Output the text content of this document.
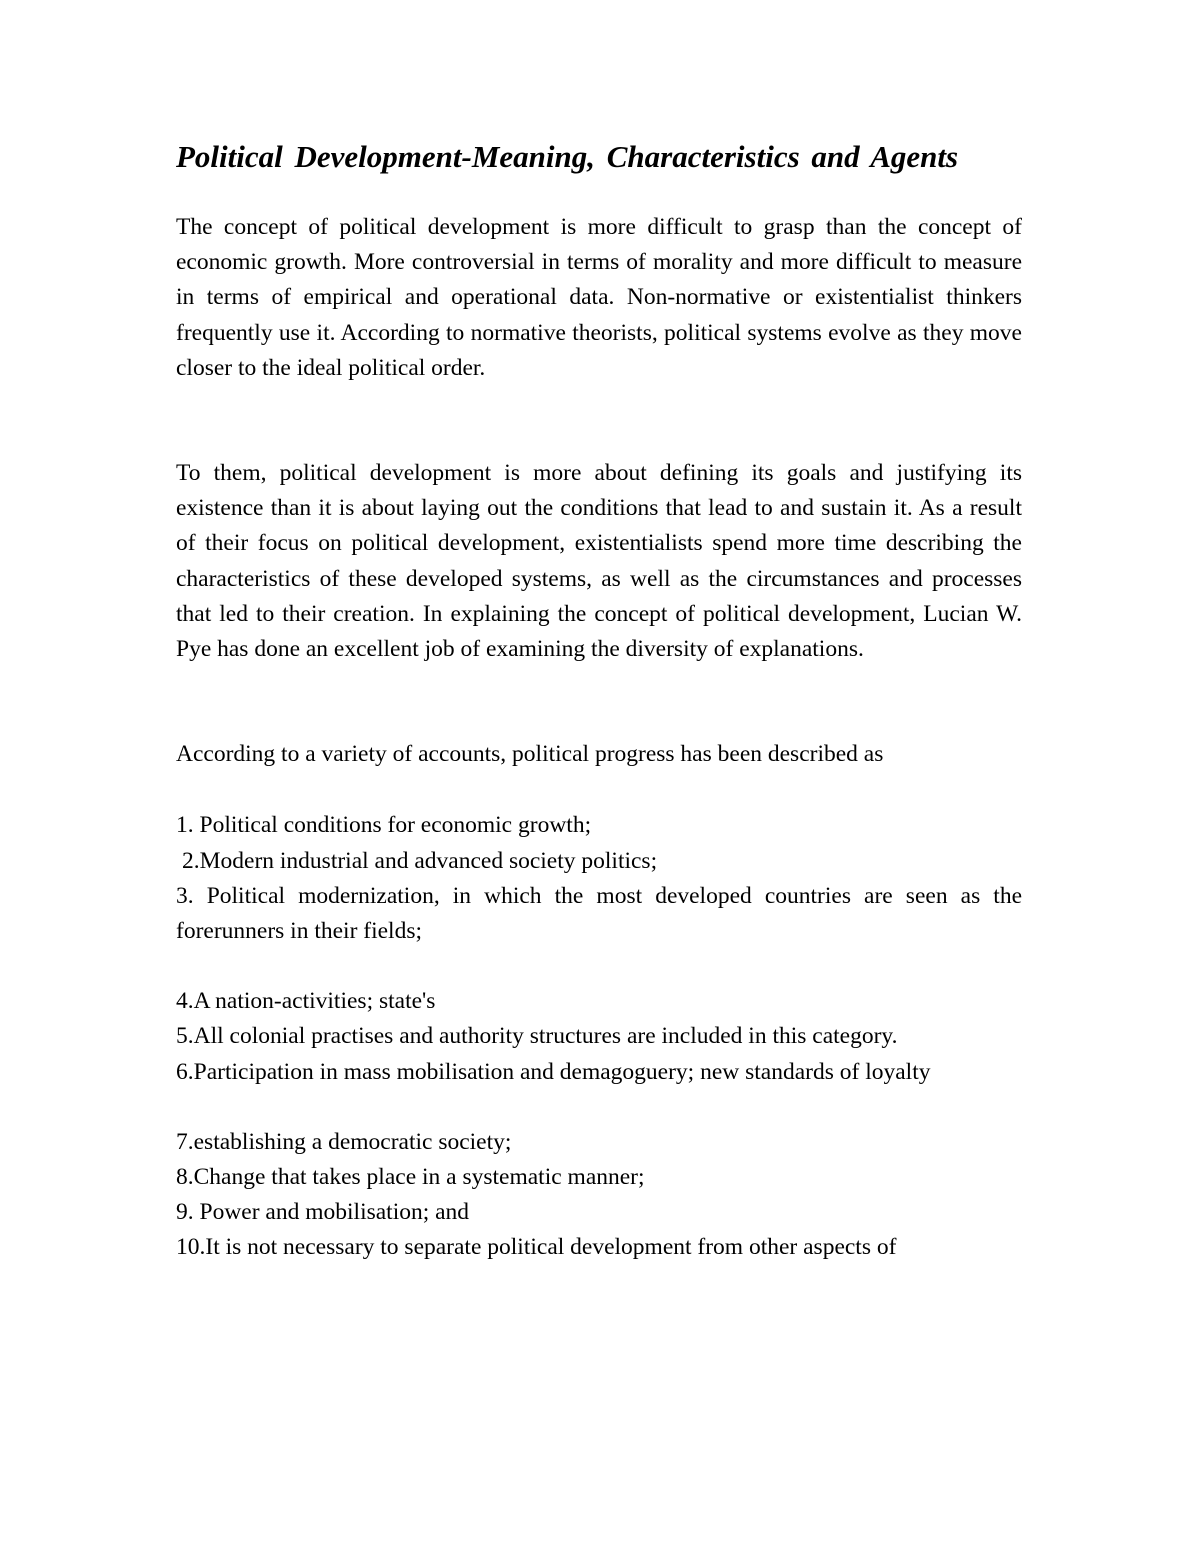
Political Development-Meaning, Characteristics and Agents

The concept of political development is more difficult to grasp than the concept of economic growth. More controversial in terms of morality and more difficult to measure in terms of empirical and operational data. Non-normative or existentialist thinkers frequently use it. According to normative theorists, political systems evolve as they move closer to the ideal political order.

To them, political development is more about defining its goals and justifying its existence than it is about laying out the conditions that lead to and sustain it. As a result of their focus on political development, existentialists spend more time describing the characteristics of these developed systems, as well as the circumstances and processes that led to their creation. In explaining the concept of political development, Lucian W. Pye has done an excellent job of examining the diversity of explanations.

According to a variety of accounts, political progress has been described as

1. Political conditions for economic growth;

2.Modern industrial and advanced society politics;

3. Political modernization, in which the most developed countries are seen as the forerunners in their fields;

4.A nation-activities; state's

5.All colonial practises and authority structures are included in this category.

6.Participation in mass mobilisation and demagoguery; new standards of loyalty

7.establishing a democratic society;

8.Change that takes place in a systematic manner;

9. Power and mobilisation; and

10.It is not necessary to separate political development from other aspects of
